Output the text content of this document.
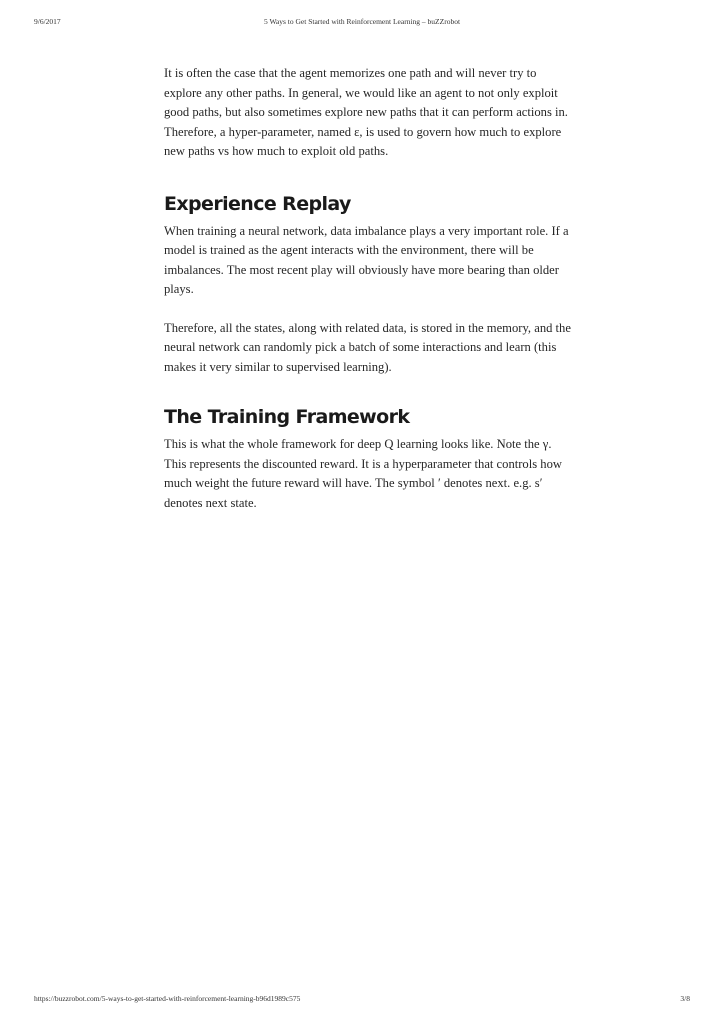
9/6/2017	5 Ways to Get Started with Reinforcement Learning – buZZrobot

It is often the case that the agent memorizes one path and will never try to explore any other paths. In general, we would like an agent to not only exploit good paths, but also sometimes explore new paths that it can perform actions in. Therefore, a hyper-parameter, named ε, is used to govern how much to explore new paths vs how much to exploit old paths.

Experience Replay

When training a neural network, data imbalance plays a very important role. If a model is trained as the agent interacts with the environment, there will be imbalances. The most recent play will obviously have more bearing than older plays.

Therefore, all the states, along with related data, is stored in the memory, and the neural network can randomly pick a batch of some interactions and learn (this makes it very similar to supervised learning).

The Training Framework

This is what the whole framework for deep Q learning looks like. Note the γ. This represents the discounted reward. It is a hyperparameter that controls how much weight the future reward will have. The symbol ′ denotes next. e.g. s′ denotes next state.

https://buzzrobot.com/5-ways-to-get-started-with-reinforcement-learning-b96d1989c575	3/8
